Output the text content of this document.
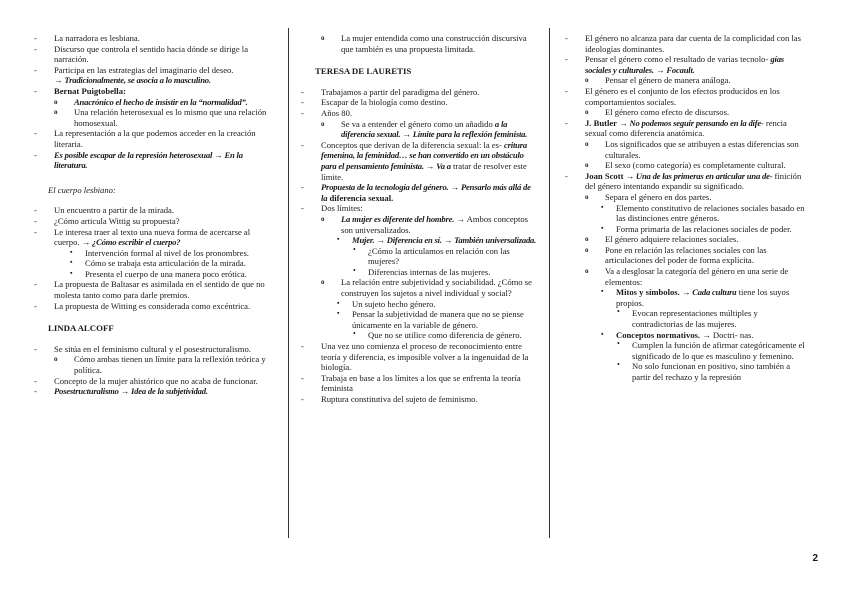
- La narradora es lesbiana.
- Discurso que controla el sentido hacia dónde se dirige la narración.
- Participa en las estrategias del imaginario del deseo.
→ Tradicionalmente, se asocia a lo masculino.
- Bernat Puigtobella:
o Anacrónico el hecho de insistir en la “normalidad”.
o Una relación heterosexual es lo mismo que una relación homosexual.
- La representación a la que podemos acceder en la creación literaria.
- Es posible escapar de la represión heterosexual → En la literatura.
El cuerpo lesbiano:
- Un encuentro a partir de la mirada.
- ¿Cómo articula Wittig su propuesta?
- Le interesa traer al texto una nueva forma de acercarse al cuerpo. → ¿Cómo escribir el cuerpo?
▪ Intervención formal al nivel de los pronombres.
▪ Cómo se trabaja esta articulación de la mirada.
▪ Presenta el cuerpo de una manera poco erótica.
- La propuesta de Baltasar es asimilada en el sentido de que no molesta tanto como para darle premios.
- La propuesta de Witting es considerada como excéntrica.
LINDA ALCOFF
- Se sitúa en el feminismo cultural y el posestructuralismo.
o Cómo ambas tienen un límite para la reflexión teórica y política.
- Concepto de la mujer ahistórico que no acaba de funcionar.
- Posestructuralismo → Idea de la subjetividad.
o La mujer entendida como una construcción discursiva que también es una propuesta limitada.
TERESA DE LAURETIS
- Trabajamos a partir del paradigma del género.
- Escapar de la biología como destino.
- Años 80.
o Se va a entender el género como un añadido a la diferencia sexual. → Límite para la reflexión feminista.
- Conceptos que derivan de la diferencia sexual: la es- critura femenina, la feminidad… se han convertido en un obstáculo para el pensamiento feminista. → Va a tratar de resolver este límite.
- Propuesta de la tecnología del género. → Pensarlo más allá de la diferencia sexual.
- Dos límites:
o La mujer es diferente del hombre. → Ambos conceptos son universalizados.
▪ Mujer. → Diferencia en sí. → También universalizada.
• ¿Cómo la articulamos en relación con las mujeres?
• Diferencias internas de las mujeres.
o La relación entre subjetividad y sociabilidad. ¿Cómo se construyen los sujetos a nivel individual y social?
▪ Un sujeto hecho género.
▪ Pensar la subjetividad de manera que no se piense únicamente en la variable de género.
• Que no se utilice como diferencia de género.
- Una vez uno comienza el proceso de reconocimiento entre teoría y diferencia, es imposible volver a la ingenuidad de la biología.
- Trabaja en base a los límites a los que se enfrenta la teoría feminista
- Ruptura constitutiva del sujeto de feminismo.
- El género no alcanza para dar cuenta de la complicidad con las ideologías dominantes.
- Pensar el género como el resultado de varias tecnolo- gías sociales y culturales. → Focault.
o Pensar el género de manera análoga.
- El género es el conjunto de los efectos producidos en los comportamientos sociales.
o El género como efecto de discursos.
- J. Butler → No podemos seguir pensando en la dife- rencia sexual como diferencia anatómica.
o Los significados que se atribuyen a estas diferencias son culturales.
o El sexo (como categoría) es completamente cultural.
- Joan Scott → Una de las primeras en articular una de- finición del género intentando expandir su significado.
o Separa el género en dos partes.
▪ Elemento constitutivo de relaciones sociales basado en las distinciones entre géneros.
▪ Forma primaria de las relaciones sociales de poder.
o El género adquiere relaciones sociales.
o Pone en relación las relaciones sociales con las articulaciones del poder de forma explícita.
o Va a desglosar la categoría del género en una serie de elementos:
▪ Mitos y símbolos. → Cada cultura tiene los suyos propios.
• Evocan representaciones múltiples y contradictorias de las mujeres.
▪ Conceptos normativos. → Doctri- nas.
• Cumplen la función de afirmar categóricamente el significado de lo que es masculino y femenino.
• No solo funcionan en positivo, sino también a partir del rechazo y la represión
2
